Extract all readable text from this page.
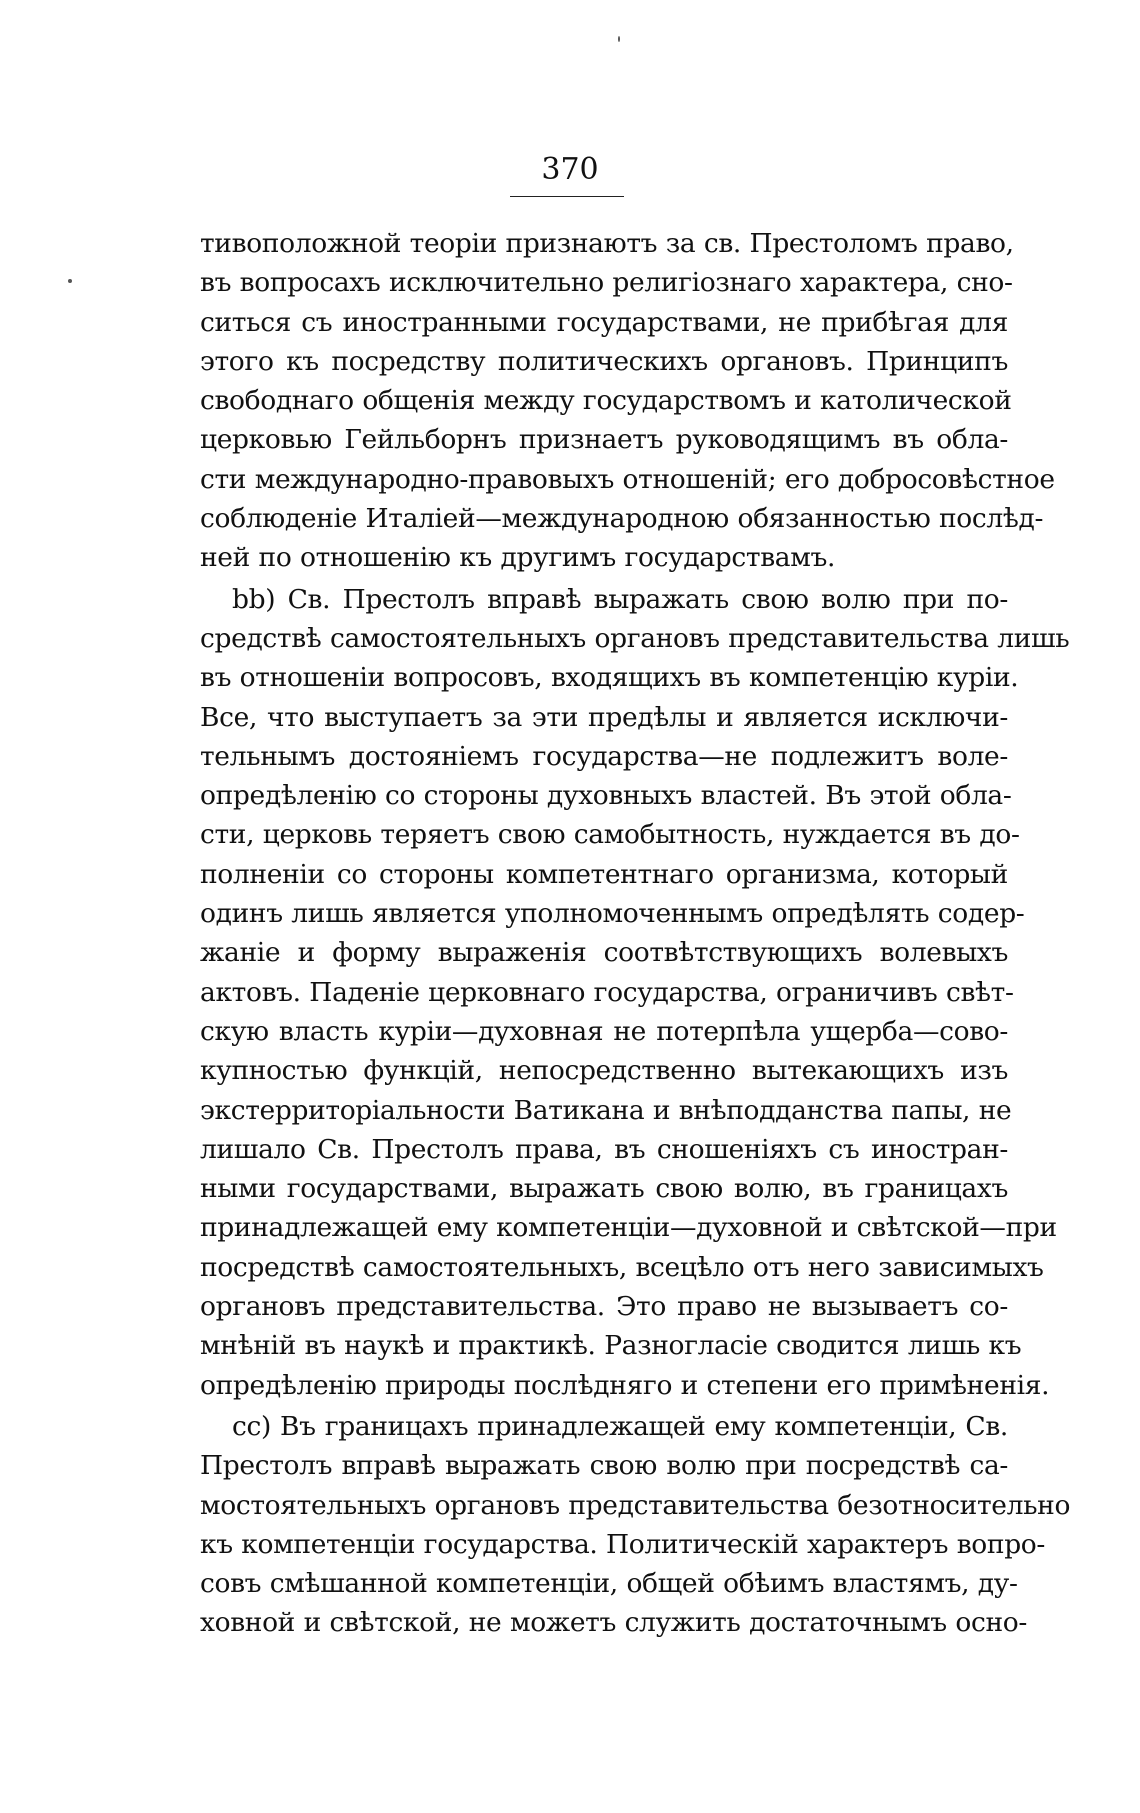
370
тивоположной теоріи признаютъ за св. Престоломъ право,
въ вопросахъ исключительно религіознаго характера, сно-
ситься съ иностранными государствами, не прибѣгая для
этого къ посредству политическихъ органовъ. Принципъ
свободнаго общенія между государствомъ и католической
церковью Гейльборнъ признаетъ руководящимъ въ обла-
сти международно-правовыхъ отношеній; его добросовѣстное
соблюденіе Италіей—международною обязанностью послѣд-
ней по отношенію къ другимъ государствамъ.
bb) Св. Престолъ вправѣ выражать свою волю при по-
средствѣ самостоятельныхъ органовъ представительства лишь
въ отношеніи вопросовъ, входящихъ въ компетенцію куріи.
Все, что выступаетъ за эти предѣлы и является исключи-
тельнымъ достояніемъ государства—не подлежитъ воле-
опредѣленію со стороны духовныхъ властей. Въ этой обла-
сти, церковь теряетъ свою самобытность, нуждается въ до-
полненіи со стороны компетентнаго организма, который
одинъ лишь является уполномоченнымъ опредѣлять содер-
жаніе и форму выраженія соотвѣтствующихъ волевыхъ
актовъ. Паденіе церковнаго государства, ограничивъ свѣт-
скую власть куріи—духовная не потерпѣла ущерба—сово-
купностью функцій, непосредственно вытекающихъ изъ
экстерриторіальности Ватикана и внѣподданства папы, не
лишало Св. Престолъ права, въ сношеніяхъ съ иностран-
ными государствами, выражать свою волю, въ границахъ
принадлежащей ему компетенціи—духовной и свѣтской—при
посредствѣ самостоятельныхъ, всецѣло отъ него зависимыхъ
органовъ представительства. Это право не вызываетъ со-
мнѣній въ наукѣ и практикѣ. Разногласіе сводится лишь къ
опредѣленію природы послѣдняго и степени его примѣненія.
cc) Въ границахъ принадлежащей ему компетенціи, Св.
Престолъ вправѣ выражать свою волю при посредствѣ са-
мостоятельныхъ органовъ представительства безотносительно
къ компетенціи государства. Политическій характеръ вопро-
совъ смѣшанной компетенціи, общей обѣимъ властямъ, ду-
ховной и свѣтской, не можетъ служить достаточнымъ осно-
